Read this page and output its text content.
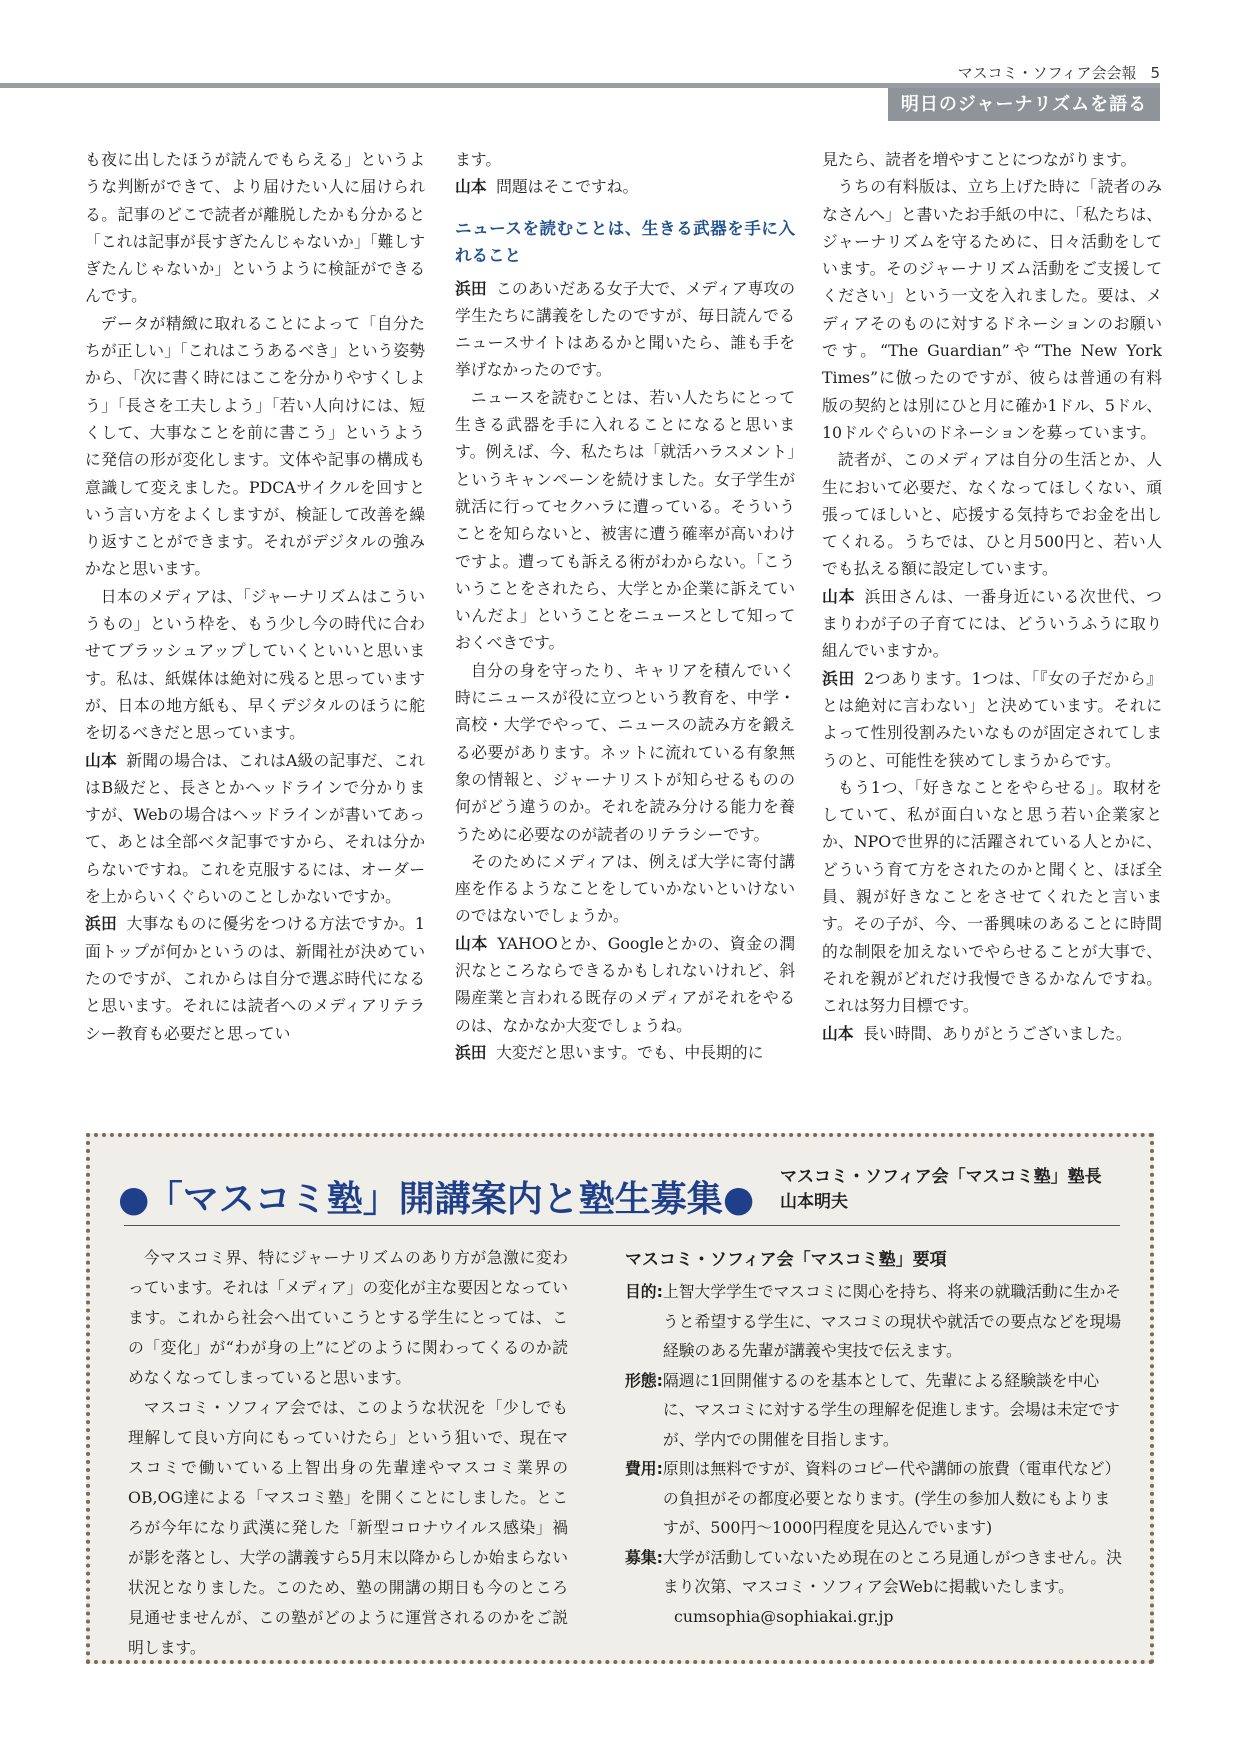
マスコミ・ソフィア会会報 5
明日のジャーナリズムを語る

も夜に出したほうが読んでもらえる」というような判断ができて、より届けたい人に届けられる。記事のどこで読者が離脱したかも分かると「これは記事が長すぎたんじゃないか」「難しすぎたんじゃないか」というように検証ができるんです。

データが精緻に取れることによって「自分たちが正しい」「これはこうあるべき」という姿勢から、「次に書く時にはここを分かりやすくしよう」「長さを工夫しよう」「若い人向けには、短くして、大事なことを前に書こう」というように発信の形が変化します。文体や記事の構成も意識して変えました。PDCAサイクルを回すという言い方をよくしますが、検証して改善を繰り返すことができます。それがデジタルの強みかなと思います。

日本のメディアは、「ジャーナリズムはこういうもの」という枠を、もう少し今の時代に合わせてブラッシュアップしていくといいと思います。私は、紙媒体は絶対に残ると思っていますが、日本の地方紙も、早くデジタルのほうに舵を切るべきだと思っています。

山本 新聞の場合は、これはA級の記事だ、これはB級だと、長さとかヘッドラインで分かりますが、Webの場合はヘッドラインが書いてあって、あとは全部ベタ記事ですから、それは分からないですね。これを克服するには、オーダーを上からいくぐらいのことしかないですか。

浜田 大事なものに優劣をつける方法ですか。1面トップが何かというのは、新聞社が決めていたのですが、これからは自分で選ぶ時代になると思います。それには読者へのメディアリテラシー教育も必要だと思ってい

ます。

山本 問題はそこですね。

ニュースを読むことは、生きる武器を手に入れること

浜田 このあいだある女子大で、メディア専攻の学生たちに講義をしたのですが、毎日読んでるニュースサイトはあるかと聞いたら、誰も手を挙げなかったのです。

ニュースを読むことは、若い人たちにとって生きる武器を手に入れることになると思います。例えば、今、私たちは「就活ハラスメント」というキャンペーンを続けました。女子学生が就活に行ってセクハラに遭っている。そういうことを知らないと、被害に遭う確率が高いわけですよ。遭っても訴える術がわからない。「こういうことをされたら、大学とか企業に訴えていいんだよ」ということをニュースとして知っておくべきです。

自分の身を守ったり、キャリアを積んでいく時にニュースが役に立つという教育を、中学・高校・大学でやって、ニュースの読み方を鍛える必要があります。ネットに流れている有象無象の情報と、ジャーナリストが知らせるものの何がどう違うのか。それを読み分ける能力を養うために必要なのが読者のリテラシーです。

そのためにメディアは、例えば大学に寄付講座を作るようなことをしていかないといけないのではないでしょうか。

山本 YAHOOとか、Googleとかの、資金の潤沢なところならできるかもしれないけれど、斜陽産業と言われる既存のメディアがそれをやるのは、なかなか大変でしょうね。

浜田 大変だと思います。でも、中長期的に

見たら、読者を増やすことにつながります。

うちの有料版は、立ち上げた時に「読者のみなさんへ」と書いたお手紙の中に、「私たちは、ジャーナリズムを守るために、日々活動をしています。そのジャーナリズム活動をご支援してください」という一文を入れました。要は、メディアそのものに対するドネーションのお願いです。“The Guardian”や“The New York Times”に倣ったのですが、彼らは普通の有料版の契約とは別にひと月に確か1ドル、5ドル、10ドルぐらいのドネーションを募っています。

読者が、このメディアは自分の生活とか、人生において必要だ、なくなってほしくない、頑張ってほしいと、応援する気持ちでお金を出してくれる。うちでは、ひと月500円と、若い人でも払える額に設定しています。

山本 浜田さんは、一番身近にいる次世代、つまりわが子の子育てには、どういうふうに取り組んでいますか。

浜田 2つあります。1つは、「『女の子だから』とは絶対に言わない」と決めています。それによって性別役割みたいなものが固定されてしまうのと、可能性を狭めてしまうからです。

もう1つ、「好きなことをやらせる」。取材をしていて、私が面白いなと思う若い企業家とか、NPOで世界的に活躍されている人とかに、どういう育て方をされたのかと聞くと、ほぼ全員、親が好きなことをさせてくれたと言います。その子が、今、一番興味のあることに時間的な制限を加えないでやらせることが大事で、それを親がどれだけ我慢できるかなんですね。これは努力目標です。

山本 長い時間、ありがとうございました。

●「マスコミ塾」開講案内と塾生募集●
マスコミ・ソフィア会「マスコミ塾」塾長
山本明夫

今マスコミ界、特にジャーナリズムのあり方が急激に変わっています。それは「メディア」の変化が主な要因となっています。これから社会へ出ていこうとする学生にとっては、この「変化」が“わが身の上”にどのように関わってくるのか読めなくなってしまっていると思います。

マスコミ・ソフィア会では、このような状況を「少しでも理解して良い方向にもっていけたら」という狙いで、現在マスコミで働いている上智出身の先輩達やマスコミ業界のOB,OG達による「マスコミ塾」を開くことにしました。ところが今年になり武漢に発した「新型コロナウイルス感染」禍が影を落とし、大学の講義すら5月末以降からしか始まらない状況となりました。このため、塾の開講の期日も今のところ見通せませんが、この塾がどのように運営されるのかをご説明します。

マスコミ・ソフィア会「マスコミ塾」要項
目的: 上智大学学生でマスコミに関心を持ち、将来の就職活動に生かそうと希望する学生に、マスコミの現状や就活での要点などを現場経験のある先輩が講義や実技で伝えます。
形態: 隔週に1回開催するのを基本として、先輩による経験談を中心に、マスコミに対する学生の理解を促進します。会場は未定ですが、学内での開催を目指します。
費用: 原則は無料ですが、資料のコピー代や講師の旅費（電車代など）の負担がその都度必要となります。(学生の参加人数にもよりますが、500円～1000円程度を見込んでいます)
募集: 大学が活動していないため現在のところ見通しがつきません。決まり次第、マスコミ・ソフィア会Webに掲載いたします。
cumsophia@sophiakai.gr.jp
